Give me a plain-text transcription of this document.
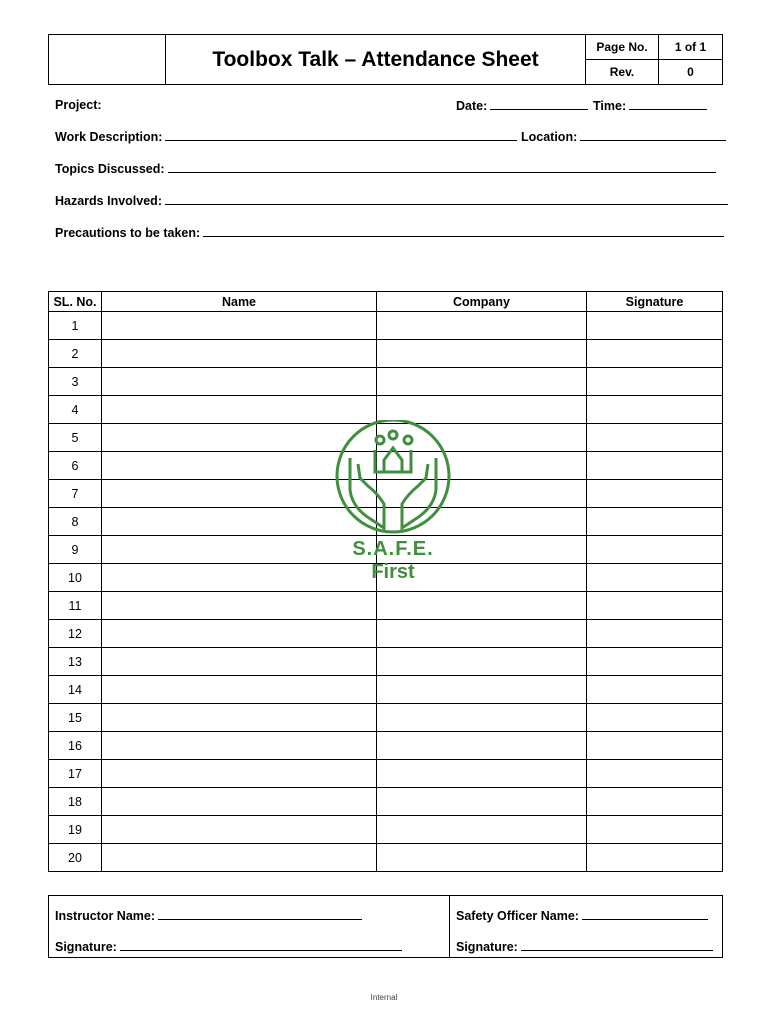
	Toolbox Talk – Attendance Sheet	Page No.	1 of 1
		Rev.	0
Project:	Date:	Time:
Work Description:	Location:
Topics Discussed:
Hazards Involved:
Precautions to be taken:
SL. No.	Name	Company	Signature
1			
2			
3			
4			
5			
6			
7			
8			
9			
10			
11			
12			
13			
14			
15			
16			
17			
18			
19			
20			
S.A.F.E.
First
Instructor Name:
Signature:

Safety Officer Name:
Signature:
Internal
